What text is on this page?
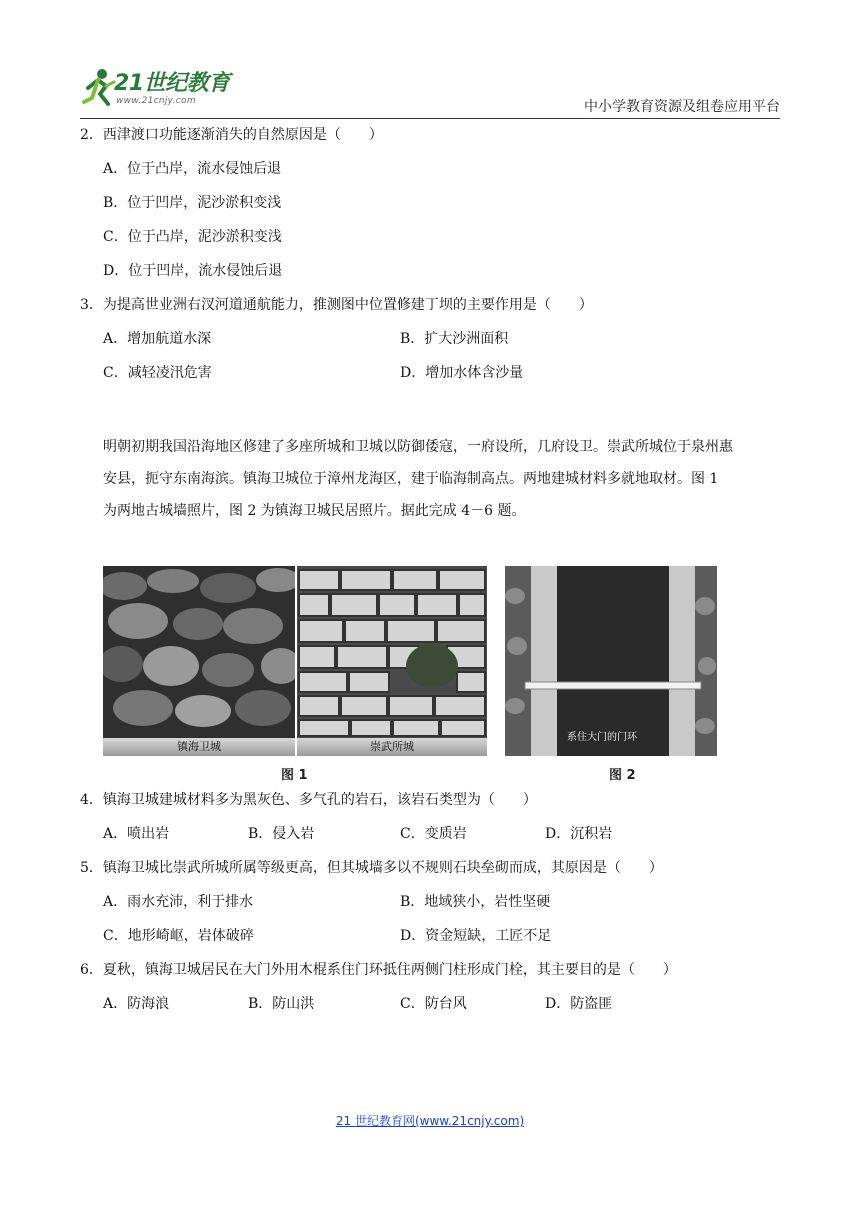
21世纪教育
www.21cnjy.com	中小学教育资源及组卷应用平台
2．西津渡口功能逐渐消失的自然原因是（　　）
A．位于凸岸，流水侵蚀后退
B．位于凹岸，泥沙淤积变浅
C．位于凸岸，泥沙淤积变浅
D．位于凹岸，流水侵蚀后退
3．为提高世业洲右汊河道通航能力，推测图中位置修建丁坝的主要作用是（　　）
A．增加航道水深	B．扩大沙洲面积
C．减轻凌汛危害	D．增加水体含沙量
明朝初期我国沿海地区修建了多座所城和卫城以防御倭寇，一府设所，几府设卫。崇武所城位于泉州惠
安县，扼守东南海滨。镇海卫城位于漳州龙海区，建于临海制高点。两地建城材料多就地取材。图 1
为两地古城墙照片，图 2 为镇海卫城民居照片。据此完成 4－6 题。
镇海卫城	崇武所城
系住大门的门环
图 1	图 2
4．镇海卫城建城材料多为黑灰色、多气孔的岩石，该岩石类型为（　　）
A．喷出岩	B．侵入岩	C．变质岩	D．沉积岩
5．镇海卫城比崇武所城所属等级更高，但其城墙多以不规则石块垒砌而成，其原因是（　　）
A．雨水充沛，利于排水	B．地域狭小，岩性坚硬
C．地形崎岖，岩体破碎	D．资金短缺，工匠不足
6．夏秋，镇海卫城居民在大门外用木棍系住门环抵住两侧门柱形成门栓，其主要目的是（　　）
A．防海浪	B．防山洪	C．防台风	D．防盗匪
21 世纪教育网(www.21cnjy.com)
